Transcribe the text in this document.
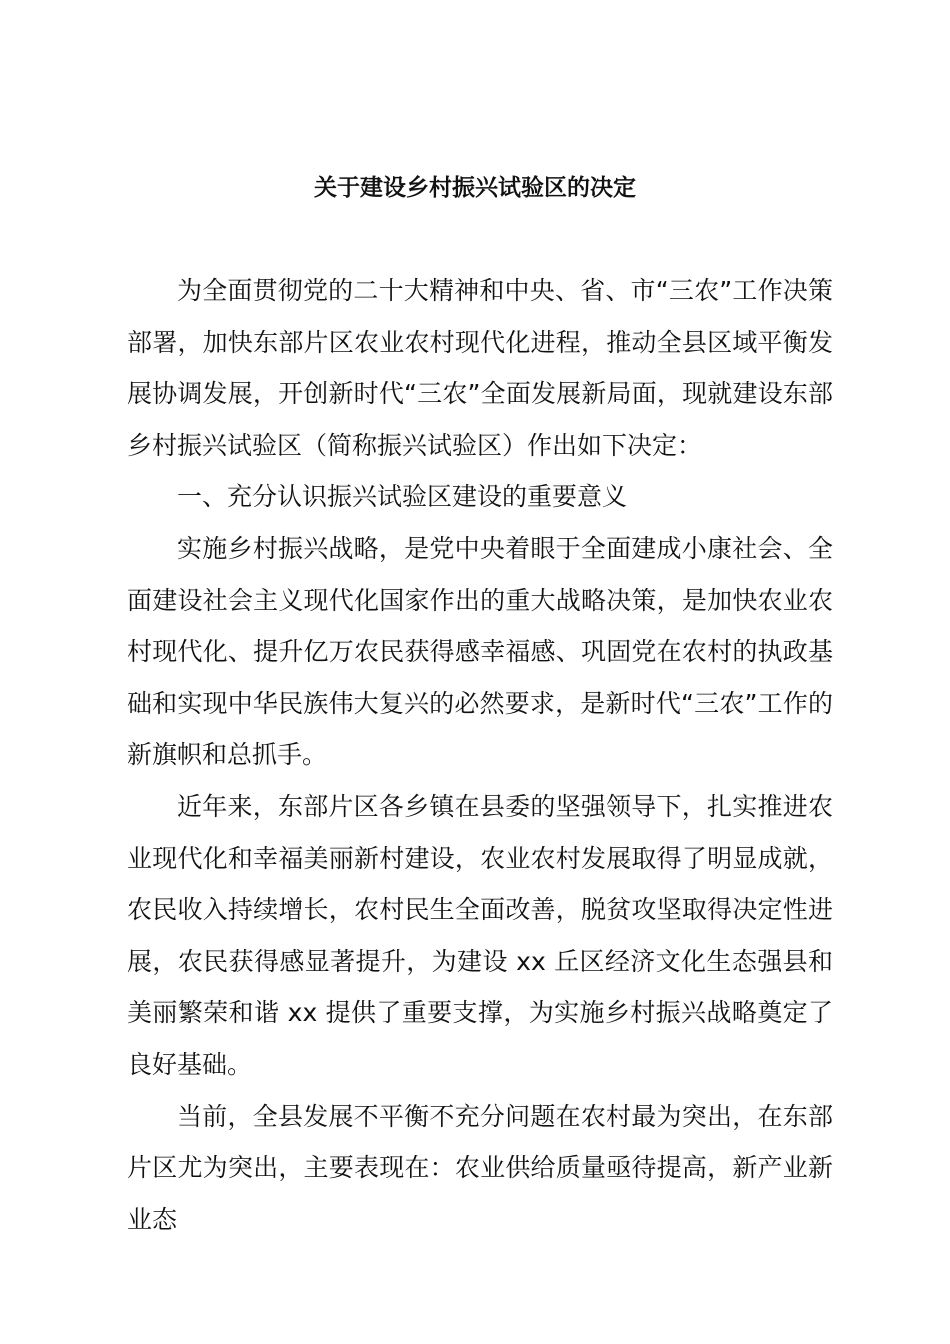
关于建设乡村振兴试验区的决定

为全面贯彻党的二十大精神和中央、省、市“三农”工作决策部署，加快东部片区农业农村现代化进程，推动全县区域平衡发展协调发展，开创新时代“三农”全面发展新局面，现就建设东部乡村振兴试验区（简称振兴试验区）作出如下决定：

一、充分认识振兴试验区建设的重要意义

实施乡村振兴战略，是党中央着眼于全面建成小康社会、全面建设社会主义现代化国家作出的重大战略决策，是加快农业农村现代化、提升亿万农民获得感幸福感、巩固党在农村的执政基础和实现中华民族伟大复兴的必然要求，是新时代“三农”工作的新旗帜和总抓手。

近年来，东部片区各乡镇在县委的坚强领导下，扎实推进农业现代化和幸福美丽新村建设，农业农村发展取得了明显成就，农民收入持续增长，农村民生全面改善，脱贫攻坚取得决定性进展，农民获得感显著提升，为建设 xx 丘区经济文化生态强县和美丽繁荣和谐 xx 提供了重要支撑，为实施乡村振兴战略奠定了良好基础。

当前，全县发展不平衡不充分问题在农村最为突出，在东部片区尤为突出，主要表现在：农业供给质量亟待提高，新产业新业态
